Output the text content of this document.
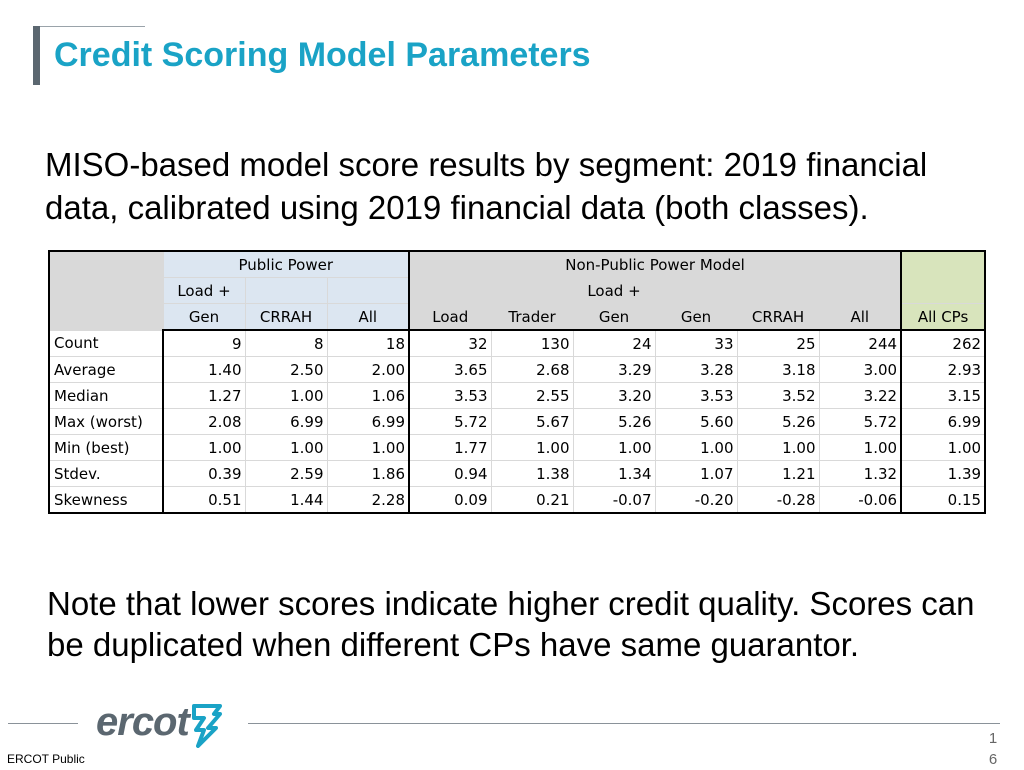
Credit Scoring Model Parameters
MISO-based model score results by segment: 2019 financial data, calibrated using 2019 financial data (both classes).
	Public Power			Non-Public Power Model						
	Load +					Load +				
	Gen	CRRAH	All	Load	Trader	Gen	Gen	CRRAH	All	All CPs
Count	9	8	18	32	130	24	33	25	244	262
Average	1.40	2.50	2.00	3.65	2.68	3.29	3.28	3.18	3.00	2.93
Median	1.27	1.00	1.06	3.53	2.55	3.20	3.53	3.52	3.22	3.15
Max (worst)	2.08	6.99	6.99	5.72	5.67	5.26	5.60	5.26	5.72	6.99
Min (best)	1.00	1.00	1.00	1.77	1.00	1.00	1.00	1.00	1.00	1.00
Stdev.	0.39	2.59	1.86	0.94	1.38	1.34	1.07	1.21	1.32	1.39
Skewness	0.51	1.44	2.28	0.09	0.21	-0.07	-0.20	-0.28	-0.06	0.15
Note that lower scores indicate higher credit quality. Scores can be duplicated when different CPs have same guarantor.
ercot
ERCOT Public
16
